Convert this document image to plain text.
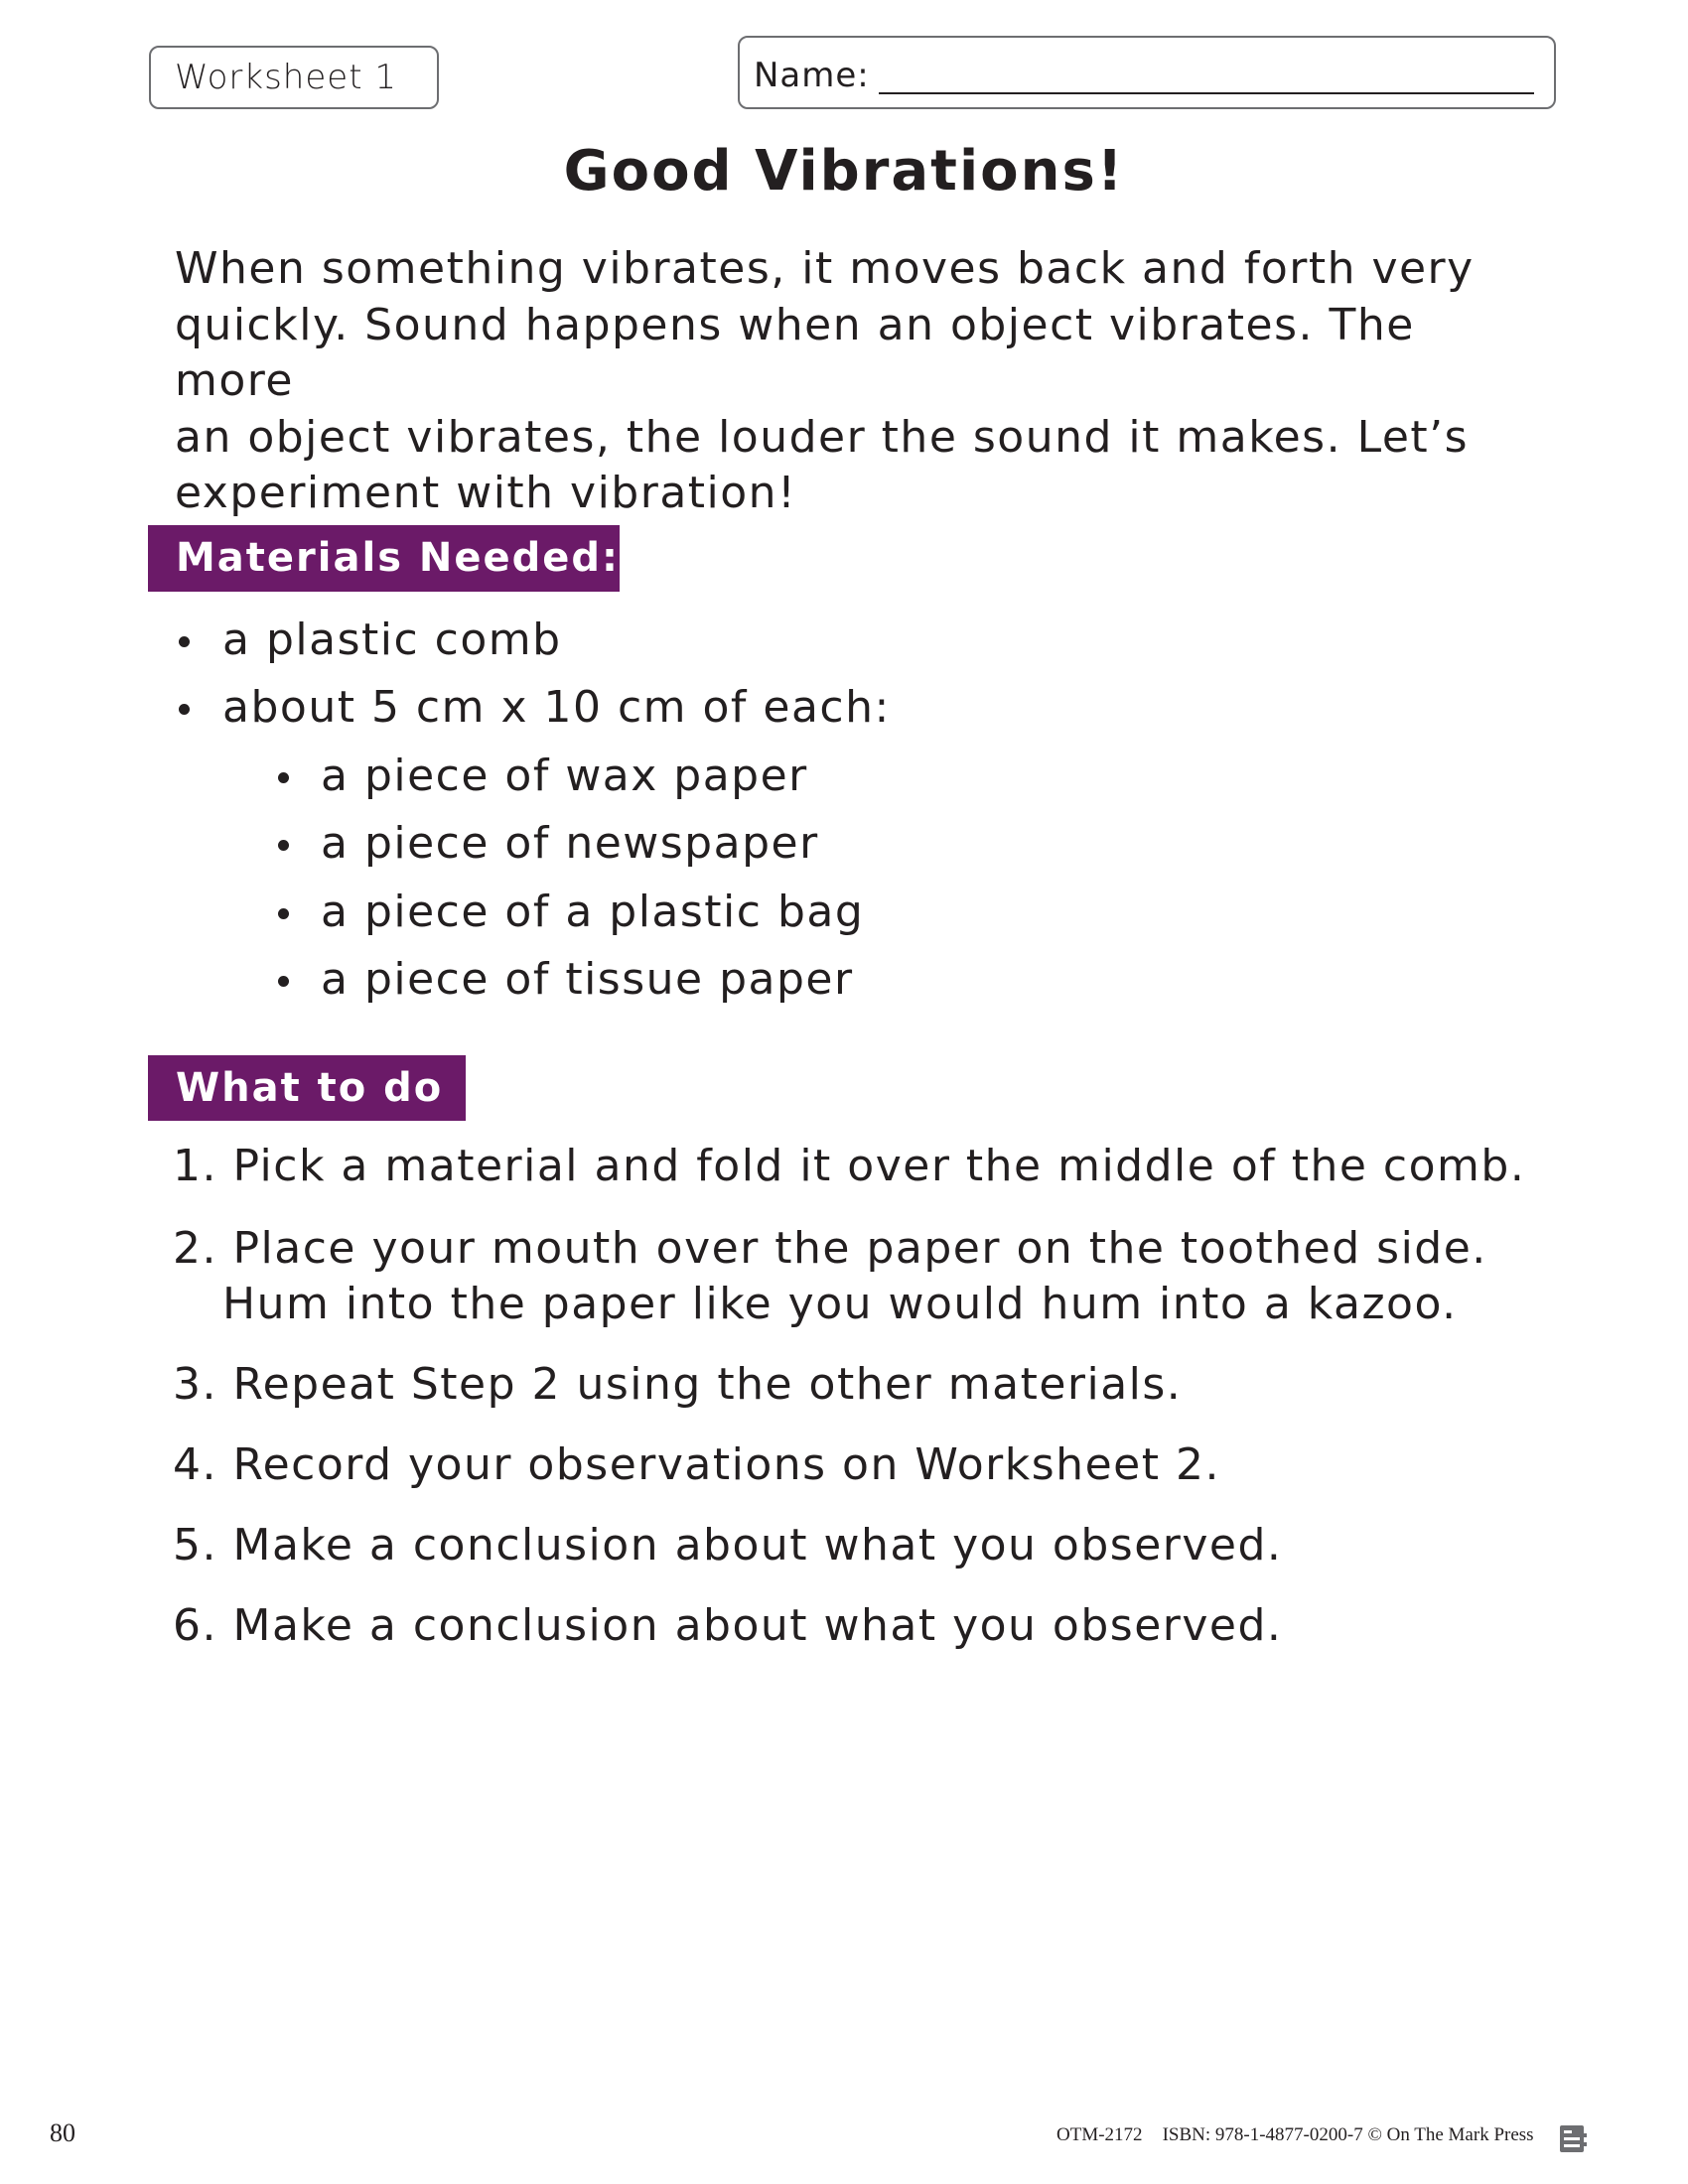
Worksheet 1	Name:
Good Vibrations!
When something vibrates, it moves back and forth very
quickly. Sound happens when an object vibrates. The more
an object vibrates, the louder the sound it makes. Let’s
experiment with vibration!
Materials Needed:
a plastic comb
about 5 cm x 10 cm of each:
a piece of wax paper
a piece of newspaper
a piece of a plastic bag
a piece of tissue paper
What to do
1. Pick a material and fold it over the middle of the comb.
2. Place your mouth over the paper on the toothed side.
Hum into the paper like you would hum into a kazoo.
3. Repeat Step 2 using the other materials.
4. Record your observations on Worksheet 2.
5. Make a conclusion about what you observed.
6. Make a conclusion about what you observed.
80	OTM-2172 ISBN: 978-1-4877-0200-7 © On The Mark Press
